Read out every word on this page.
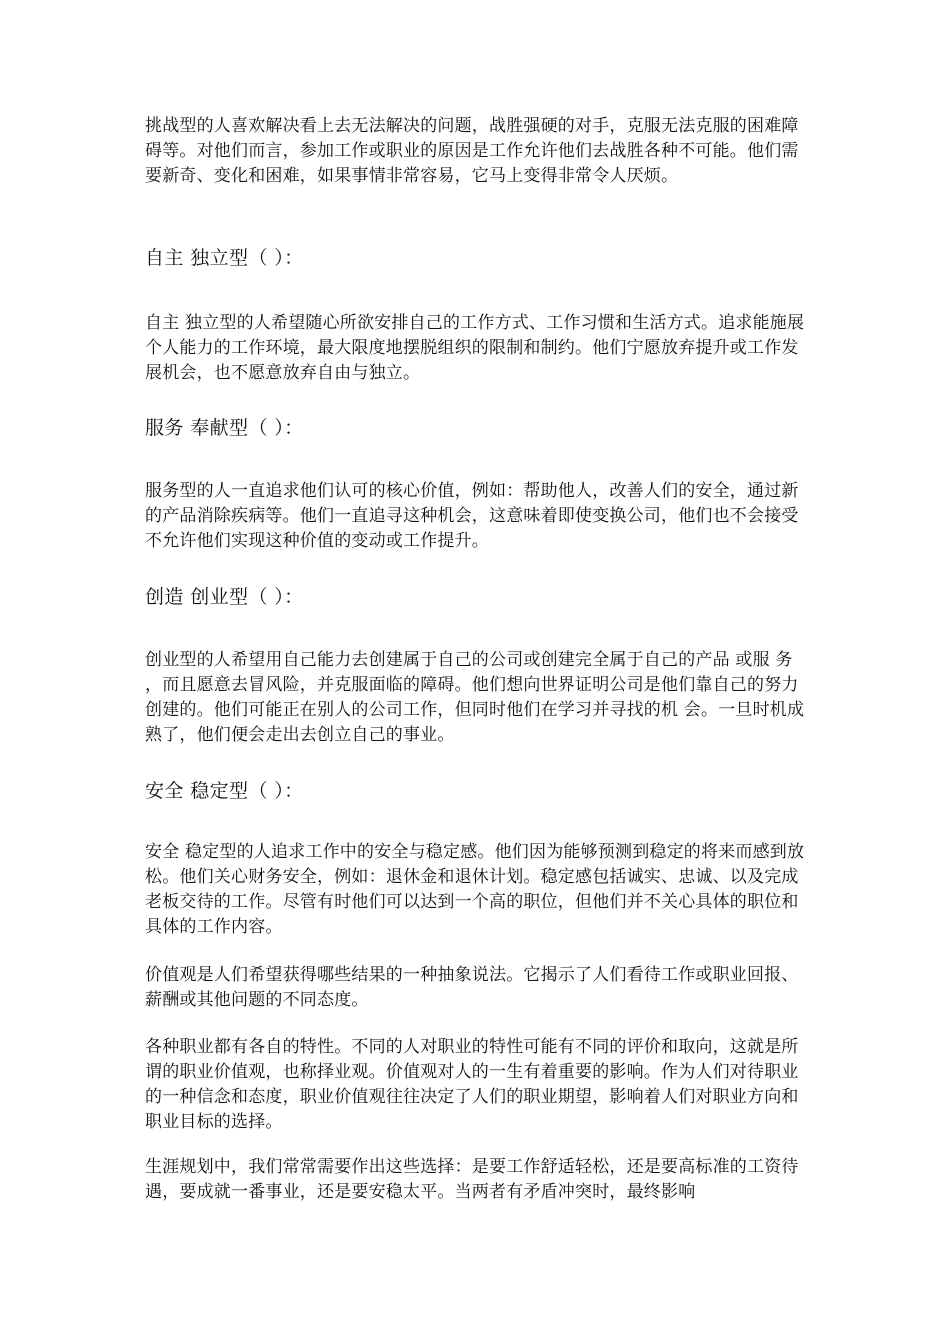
挑战型的人喜欢解决看上去无法解决的问题，战胜强硬的对手，克服无法克服的困难障碍等。对他们而言，参加工作或职业的原因是工作允许他们去战胜各种不可能。他们需要新奇、变化和困难，如果事情非常容易，它马上变得非常令人厌烦。

自主 独立型（ ）：

自主 独立型的人希望随心所欲安排自己的工作方式、工作习惯和生活方式。追求能施展个人能力的工作环境，最大限度地摆脱组织的限制和制约。他们宁愿放弃提升或工作发展机会，也不愿意放弃自由与独立。

服务 奉献型（ ）：

服务型的人一直追求他们认可的核心价值，例如：帮助他人，改善人们的安全，通过新的产品消除疾病等。他们一直追寻这种机会，这意味着即使变换公司，他们也不会接受不允许他们实现这种价值的变动或工作提升。

创造 创业型（ ）：

创业型的人希望用自己能力去创建属于自己的公司或创建完全属于自己的产品 或服 务 ，而且愿意去冒风险，并克服面临的障碍。他们想向世界证明公司是他们靠自己的努力创建的。他们可能正在别人的公司工作，但同时他们在学习并寻找的机 会。一旦时机成熟了，他们便会走出去创立自己的事业。

安全 稳定型（ ）：

安全 稳定型的人追求工作中的安全与稳定感。他们因为能够预测到稳定的将来而感到放松。他们关心财务安全，例如：退休金和退休计划。稳定感包括诚实、忠诚、以及完成老板交待的工作。尽管有时他们可以达到一个高的职位，但他们并不关心具体的职位和具体的工作内容。

价值观是人们希望获得哪些结果的一种抽象说法。它揭示了人们看待工作或职业回报、薪酬或其他问题的不同态度。

各种职业都有各自的特性。不同的人对职业的特性可能有不同的评价和取向，这就是所谓的职业价值观，也称择业观。价值观对人的一生有着重要的影响。作为人们对待职业的一种信念和态度，职业价值观往往决定了人们的职业期望，影响着人们对职业方向和职业目标的选择。

生涯规划中，我们常常需要作出这些选择：是要工作舒适轻松，还是要高标准的工资待遇，要成就一番事业，还是要安稳太平。当两者有矛盾冲突时，最终影响
